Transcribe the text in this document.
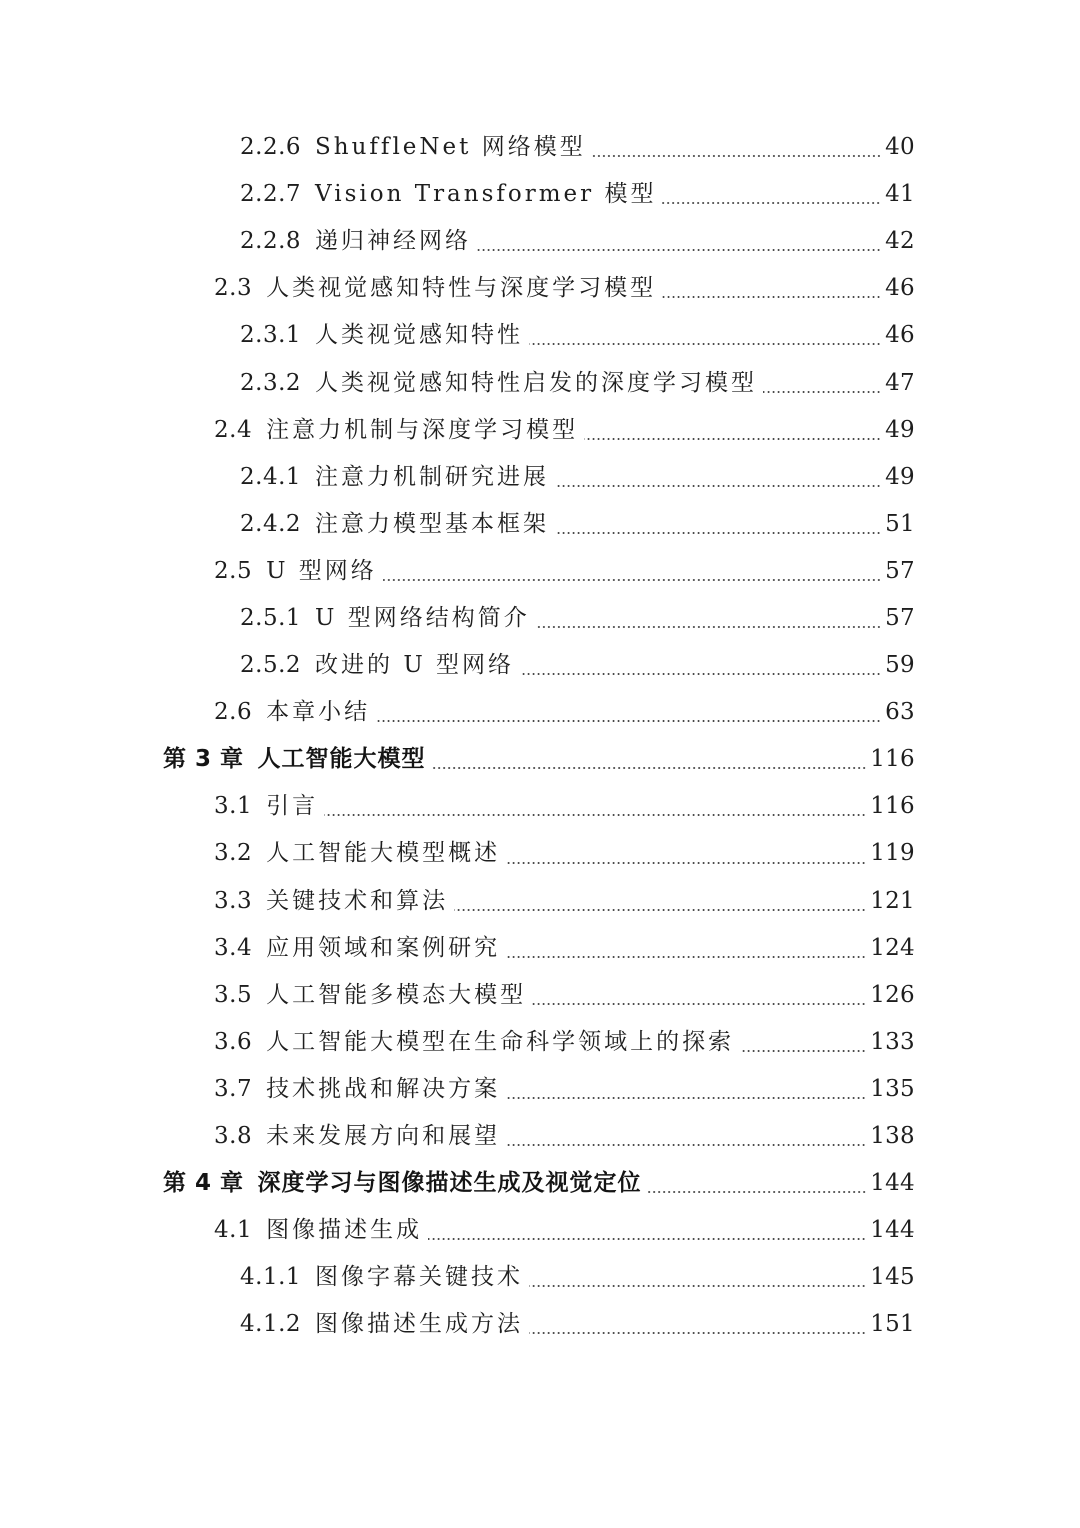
2.2.6 ShuffleNet 网络模型	40
2.2.7 Vision Transformer 模型	41
2.2.8 递归神经网络	42
2.3 人类视觉感知特性与深度学习模型	46
2.3.1 人类视觉感知特性	46
2.3.2 人类视觉感知特性启发的深度学习模型	47
2.4 注意力机制与深度学习模型	49
2.4.1 注意力机制研究进展	49
2.4.2 注意力模型基本框架	51
2.5 U 型网络	57
2.5.1 U 型网络结构简介	57
2.5.2 改进的 U 型网络	59
2.6 本章小结	63
第 3 章 人工智能大模型	116
3.1 引言	116
3.2 人工智能大模型概述	119
3.3 关键技术和算法	121
3.4 应用领域和案例研究	124
3.5 人工智能多模态大模型	126
3.6 人工智能大模型在生命科学领域上的探索	133
3.7 技术挑战和解决方案	135
3.8 未来发展方向和展望	138
第 4 章 深度学习与图像描述生成及视觉定位	144
4.1 图像描述生成	144
4.1.1 图像字幕关键技术	145
4.1.2 图像描述生成方法	151
